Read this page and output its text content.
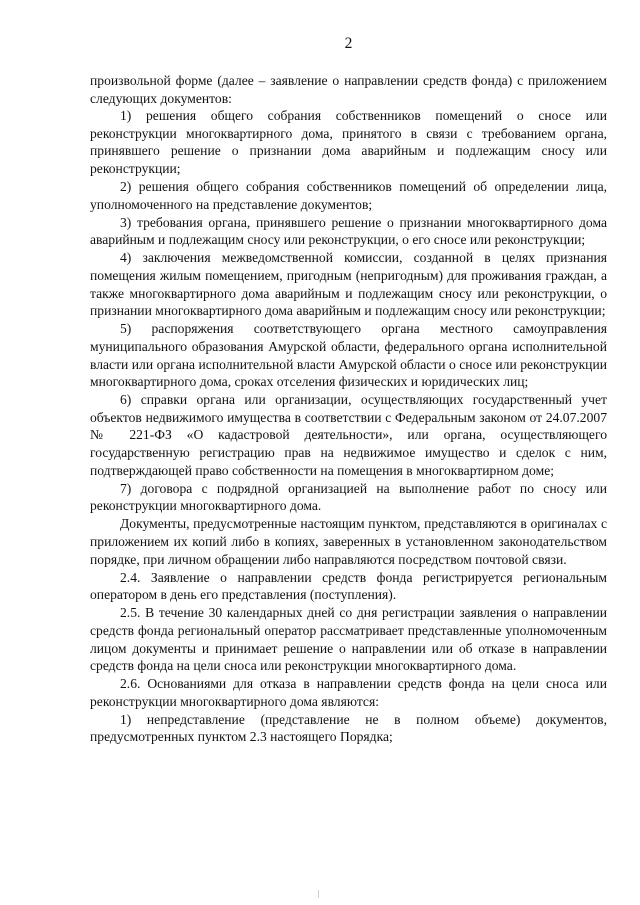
2

произвольной форме (далее – заявление о направлении средств фонда) с приложением следующих документов:

1) решения общего собрания собственников помещений о сносе или реконструкции многоквартирного дома, принятого в связи с требованием органа, принявшего решение о признании дома аварийным и подлежащим сносу или реконструкции;

2) решения общего собрания собственников помещений об определении лица, уполномоченного на представление документов;

3) требования органа, принявшего решение о признании многоквартирного дома аварийным и подлежащим сносу или реконструкции, о его сносе или реконструкции;

4) заключения межведомственной комиссии, созданной в целях признания помещения жилым помещением, пригодным (непригодным) для проживания граждан, а также многоквартирного дома аварийным и подлежащим сносу или реконструкции, о признании многоквартирного дома аварийным и подлежащим сносу или реконструкции;

5) распоряжения соответствующего органа местного самоуправления муниципального образования Амурской области, федерального органа исполнительной власти или органа исполнительной власти Амурской области о сносе или реконструкции многоквартирного дома, сроках отселения физических и юридических лиц;

6) справки органа или организации, осуществляющих государственный учет объектов недвижимого имущества в соответствии с Федеральным законом от 24.07.2007 № 221-ФЗ «О кадастровой деятельности», или органа, осуществляющего государственную регистрацию прав на недвижимое имущество и сделок с ним, подтверждающей право собственности на помещения в многоквартирном доме;

7) договора с подрядной организацией на выполнение работ по сносу или реконструкции многоквартирного дома.

Документы, предусмотренные настоящим пунктом, представляются в оригиналах с приложением их копий либо в копиях, заверенных в установленном законодательством порядке, при личном обращении либо направляются посредством почтовой связи.

2.4. Заявление о направлении средств фонда регистрируется региональным оператором в день его представления (поступления).

2.5. В течение 30 календарных дней со дня регистрации заявления о направлении средств фонда региональный оператор рассматривает представленные уполномоченным лицом документы и принимает решение о направлении или об отказе в направлении средств фонда на цели сноса или реконструкции многоквартирного дома.

2.6. Основаниями для отказа в направлении средств фонда на цели сноса или реконструкции многоквартирного дома являются:

1) непредставление (представление не в полном объеме) документов, предусмотренных пунктом 2.3 настоящего Порядка;
